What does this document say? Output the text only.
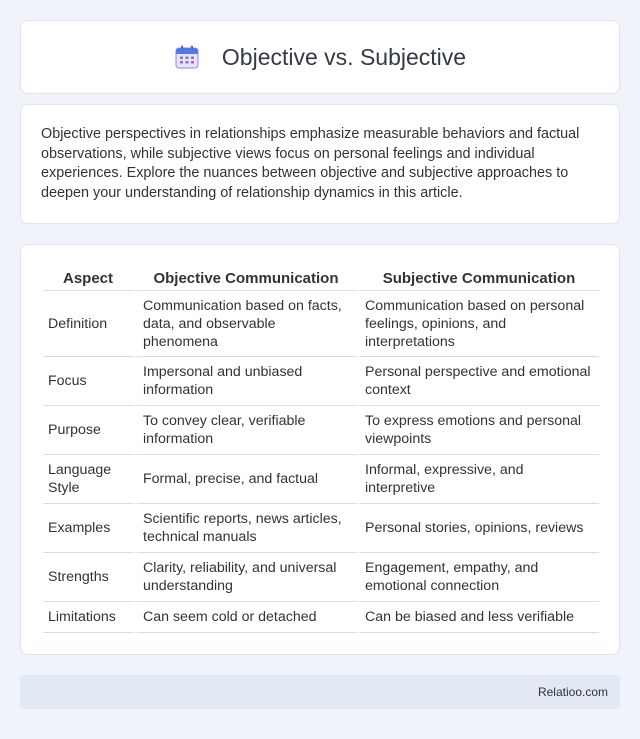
Objective vs. Subjective

Objective perspectives in relationships emphasize measurable behaviors and factual observations, while subjective views focus on personal feelings and individual experiences. Explore the nuances between objective and subjective approaches to deepen your understanding of relationship dynamics in this article.

Aspect	Objective Communication	Subjective Communication
Definition	Communication based on facts, data, and observable phenomena	Communication based on personal feelings, opinions, and interpretations
Focus	Impersonal and unbiased information	Personal perspective and emotional context
Purpose	To convey clear, verifiable information	To express emotions and personal viewpoints
Language Style	Formal, precise, and factual	Informal, expressive, and interpretive
Examples	Scientific reports, news articles, technical manuals	Personal stories, opinions, reviews
Strengths	Clarity, reliability, and universal understanding	Engagement, empathy, and emotional connection
Limitations	Can seem cold or detached	Can be biased and less verifiable
Relatioo.com
